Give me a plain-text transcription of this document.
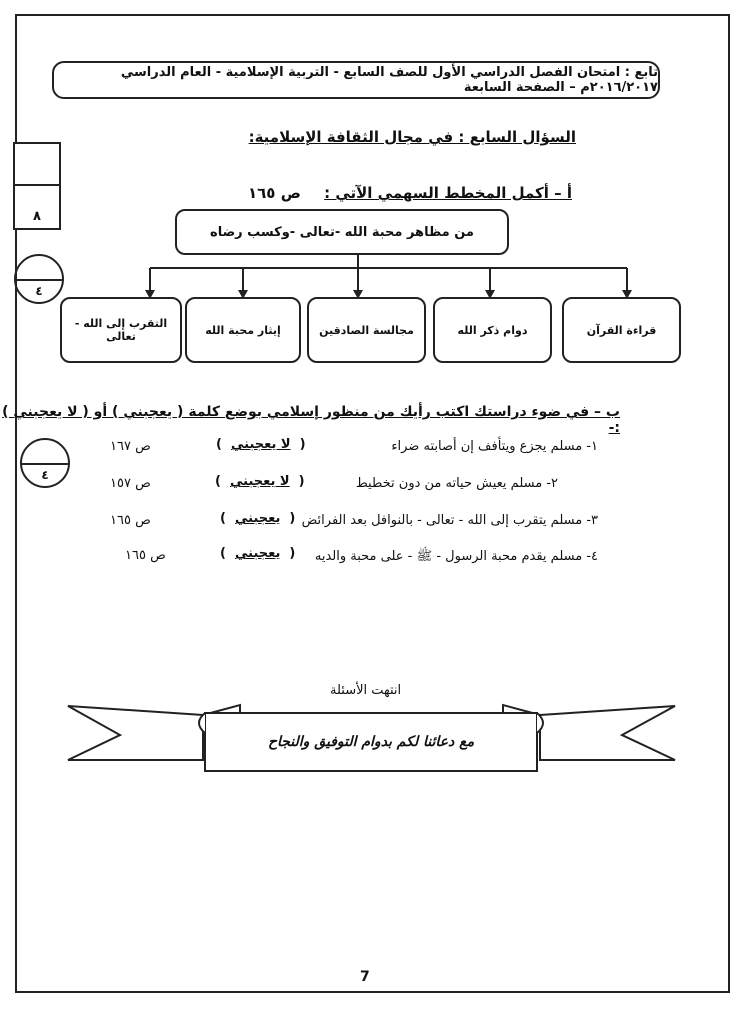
تابع : امتحان الفصل الدراسي الأول للصف السابع - التربية الإسلامية - العام الدراسي ٢٠١٦/٢٠١٧م – الصفحة السابعة
٨
٤
٤
السؤال السابع : في مجال الثقافة الإسلامية:
أ – أكمل المخطط السهمي الآتي : ص ١٦٥
من مظاهر محبة الله -تعالى -وكسب رضاه
قراءة القرآن
دوام ذكر الله
مجالسة الصادقين
إيثار محبة الله
التقرب إلى الله - تعالى
ب – في ضوء دراستك اكتب رأيك من منظور إسلامي بوضع كلمة ( يعجبني ) أو ( لا يعجبني ) :-
١- مسلم يجزع ويتأفف إن أصابته ضراء
(  لا يعجبني  )
ص ١٦٧
٢- مسلم يعيش حياته من دون تخطيط
(  لا يعجبني  )
ص ١٥٧
٣- مسلم يتقرب إلى الله - تعالى - بالنوافل بعد الفرائض
(  يعجبني  )
ص ١٦٥
٤- مسلم يقدم محبة الرسول - ﷺ - على محبة والديه
(  يعجبني  )
ص ١٦٥
انتهت الأسئلة
مع دعائنا لكم بدوام التوفيق والنجاح
7
